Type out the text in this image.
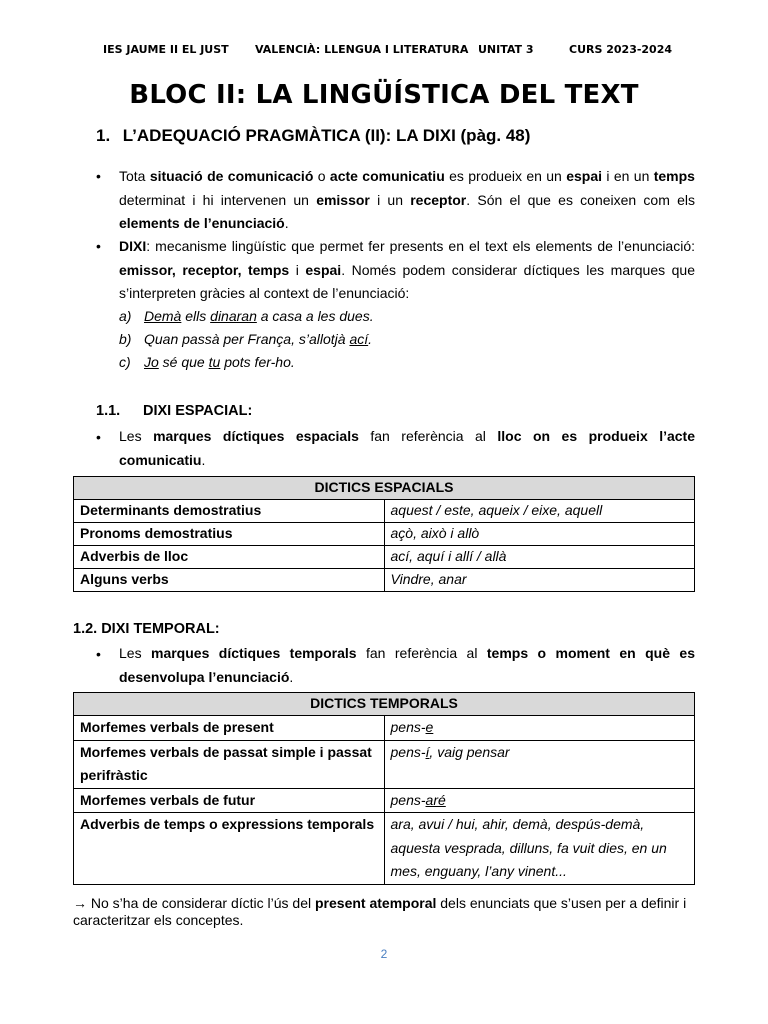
IES JAUME II EL JUST VALENCIÀ: LLENGUA I LITERATURA UNITAT 3	CURS 2023-2024
BLOC II: LA LINGÜÍSTICA DEL TEXT
1. L’ADEQUACIÓ PRAGMÀTICA (II): LA DIXI (pàg. 48)
• Tota situació de comunicació o acte comunicatiu es produeix en un espai i en un temps
determinat i hi intervenen un emissor i un receptor. Són el que es coneixen com els
elements de l’enunciació.
• DIXI: mecanisme lingüístic que permet fer presents en el text els elements de l’enunciació:
emissor, receptor, temps i espai. Només podem considerar díctiques les marques que
s’interpreten gràcies al context de l’enunciació:
a) Demà ells dinaran a casa a les dues.
b) Quan passà per França, s’allotjà ací.
c) Jo sé que tu pots fer-ho.
1.1. DIXI ESPACIAL:
• Les marques díctiques espacials fan referència al lloc on es produeix l’acte
comunicatiu.
DICTICS ESPACIALS	
Determinants demostratius	aquest / este, aqueix / eixe, aquell
Pronoms demostratius	açò, això i allò
Adverbis de lloc	ací, aquí i allí / allà
Alguns verbs	Vindre, anar
1.2. DIXI TEMPORAL:
• Les marques díctiques temporals fan referència al temps o moment en què es
desenvolupa l’enunciació.
DICTICS TEMPORALS	
Morfemes verbals de present	pens-e

Morfemes verbals de passat simple i passat
perifràstic	pens-í, vaig pensar
Morfemes verbals de futur	pens-aré
Adverbis de temps o expressions temporals	ara, avui / hui, ahir, demà, despús-demà,
aquesta vesprada, dilluns, fa vuit dies, en un
mes, enguany, l’any vinent...
→ No s’ha de considerar díctic l’ús del present atemporal dels enunciats que s’usen per a definir i caracteritzar els conceptes.
2
